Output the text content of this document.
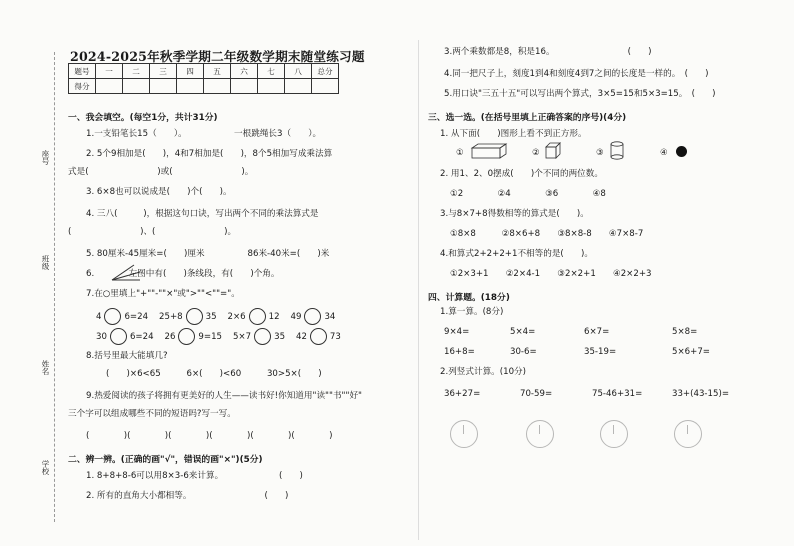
座号
班级
姓名
学校
2024-2025年秋季学期二年级数学期末随堂练习题
题号	一	二	三	四	五	六	七	八	总分
得分									
一、我会填空。(每空1分，共计31分)
1.一支铅笔长15（　　）。　　　　　　一根跳绳长3（　　）。
2. 5个9相加是(　　)，4和7相加是(　　)，8个5相加写成乘法算
式是(　　　　　　　　)或(　　　　　　　　)。
3. 6×8也可以说成是(　　)个(　　)。
4. 三八(　　　)，根据这句口诀，写出两个不同的乘法算式是
(　　　　　　　　)、(　　　　　　　　)。
5. 80厘米-45厘米=(　　)厘米　　　　　86米-40米=(　　)米
6.　　　　左图中有(　　)条线段，有(　　)个角。
7.在○里填上"+""-""×"或">""<""="。
4	6=24 25+8	35 2×6	12 49	34
30	6=24 26	9=15 5×7	35 42	73
8.括号里最大能填几?
(　　)×6<65　　　6×(　　)<60　　　30>5×(　　)
9.热爱阅读的孩子将拥有更美好的人生——读书好!你知道用"读""书""好"
三个字可以组成哪些不同的短语吗?写一写。
(　　　　)(　　　　)(　　　　)(　　　　)(　　　　)(　　　　)
二、辨一辨。(正确的画"√"，错误的画"×")(5分)
1. 8+8+8-6可以用8×3-6来计算。　　　　　　　(　　)
2. 所有的直角大小都相等。　　　　　　　　　(　　)
3.两个乘数都是8，积是16。　　　　　　　　　(　　)
4.同一把尺子上，刻度1到4和刻度4到7之间的长度是一样的。　(　　)
5.用口诀"三五十五"可以写出两个算式，3×5=15和5×3=15。　(　　)
三、选一选。(在括号里填上正确答案的序号)(4分)
1. 从下面(　　)图形上看不到正方形。
①	②	③	④
2. 用1、2、0摆成(　　)个不同的两位数。
①2　　　　②4　　　　③6　　　　④8
3.与8×7+8得数相等的算式是(　　)。
①8×8　　　②8×6+8　　③8×8-8　　④7×8-7
4.和算式2+2+2+1不相等的是(　　)。
①2×3+1　　②2×4-1　　③2×2+1　　④2×2+3
四、计算题。(18分)
1.算一算。(8分)
9×4=	5×4=	6×7=	5×8=
16+8=	30-6=	35-19=	5×6+7=
2.列竖式计算。(10分)
36+27=	70-59=	75-46+31=	33+(43-15)=
